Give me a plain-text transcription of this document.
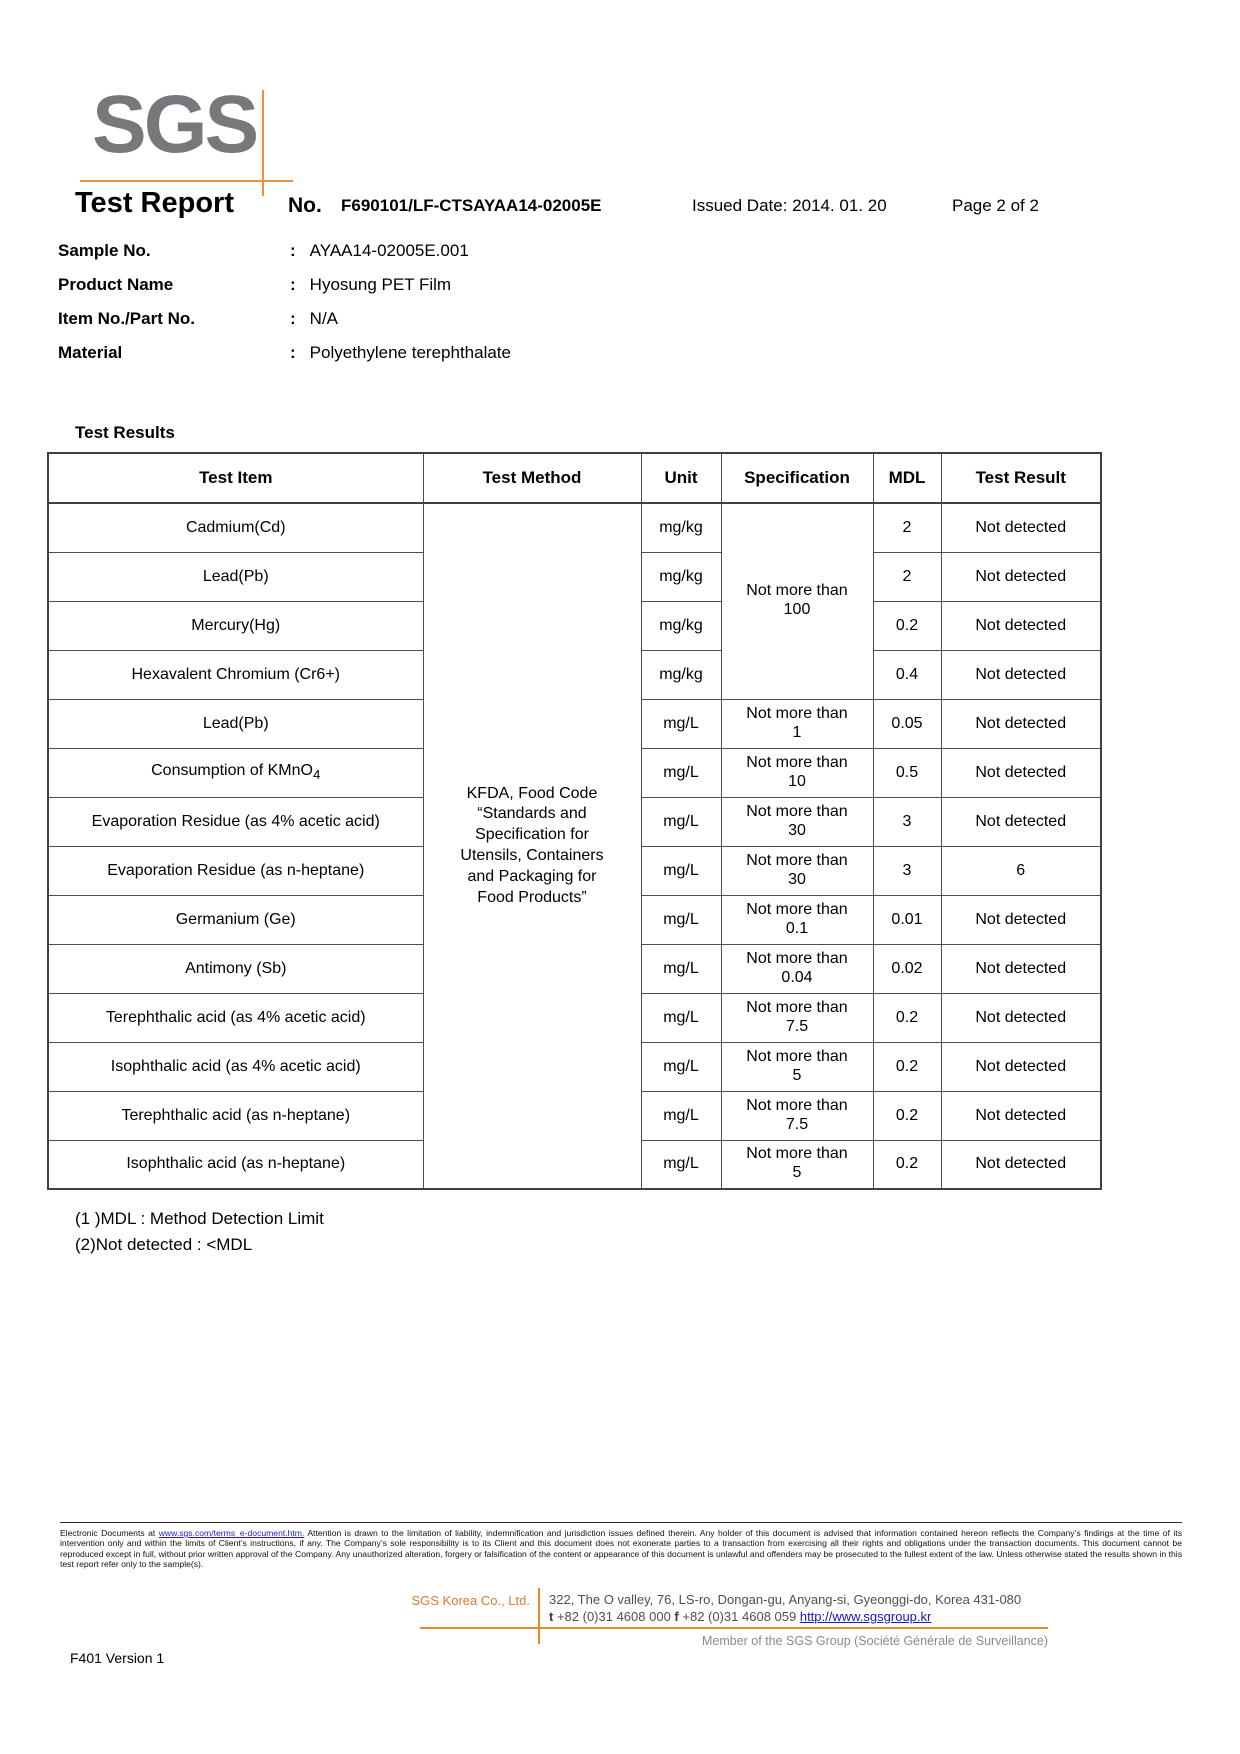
SGS
Test Report	No. F690101/LF-CTSAYAA14-02005E	Issued Date: 2014. 01. 20	Page 2 of 2
Sample No.	: AYAA14-02005E.001
Product Name	: Hyosung PET Film
Item No./Part No.	: N/A
Material	: Polyethylene terephthalate
Test Results
Test Item	Test Method	Unit	Specification	MDL	Test Result
Cadmium(Cd)	KFDA, Food Code “Standards and Specification for Utensils, Containers and Packaging for Food Products”	mg/kg	Not more than 100	2	Not detected
Lead(Pb)		mg/kg		2	Not detected
Mercury(Hg)		mg/kg		0.2	Not detected
Hexavalent Chromium (Cr6+)		mg/kg		0.4	Not detected
Lead(Pb)		mg/L	Not more than 1	0.05	Not detected
Consumption of KMnO$_4$		mg/L	Not more than 10	0.5	Not detected
Evaporation Residue (as 4% acetic acid)		mg/L	Not more than 30	3	Not detected
Evaporation Residue (as n-heptane)		mg/L	Not more than 30	3	6
Germanium (Ge)		mg/L	Not more than 0.1	0.01	Not detected
Antimony (Sb)		mg/L	Not more than 0.04	0.02	Not detected
Terephthalic acid (as 4% acetic acid)		mg/L	Not more than 7.5	0.2	Not detected
Isophthalic acid (as 4% acetic acid)		mg/L	Not more than 5	0.2	Not detected
Terephthalic acid (as n-heptane)		mg/L	Not more than 7.5	0.2	Not detected
Isophthalic acid (as n-heptane)		mg/L	Not more than 5	0.2	Not detected
(1 )MDL : Method Detection Limit
(2)Not detected : <MDL
Electronic Documents at www.sgs.com/terms_e-document.htm. Attention is drawn to the limitation of liability, indemnification and jurisdiction issues defined therein. Any holder of this document is advised that information contained hereon reflects the Company’s findings at the time of its intervention only and within the limits of Client’s instructions, if any. The Company’s sole responsibility is to its Client and this document does not exonerate parties to a transaction from exercising all their rights and obligations under the transaction documents. This document cannot be reproduced except in full, without prior written approval of the Company. Any unauthorized alteration, forgery or falsification of the content or appearance of this document is unlawful and offenders may be prosecuted to the fullest extent of the law. Unless otherwise stated the results shown in this test report refer only to the sample(s).
SGS Korea Co., Ltd. 322, The O valley, 76, LS-ro, Dongan-gu, Anyang-si, Gyeonggi-do, Korea 431-080
t +82 (0)31 4608 000 f +82 (0)31 4608 059 http://www.sgsgroup.kr
Member of the SGS Group (Société Générale de Surveillance)
F401 Version 1
